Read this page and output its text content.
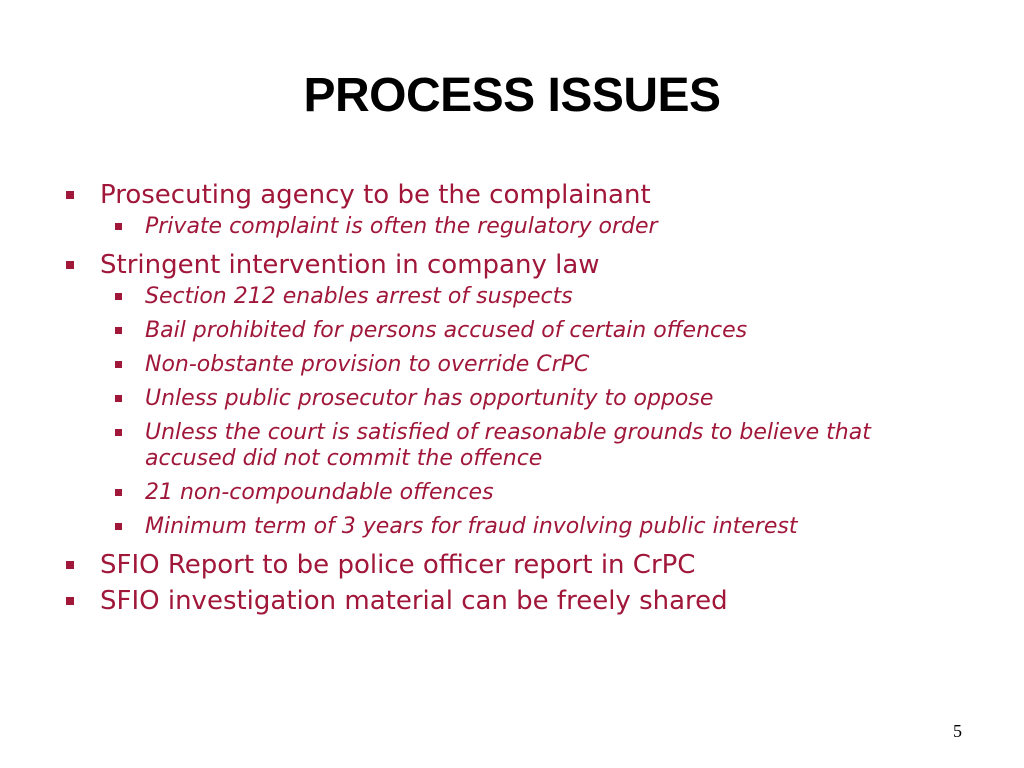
PROCESS ISSUES
Prosecuting agency to be the complainant
Private complaint is often the regulatory order
Stringent intervention in company law
Section 212 enables arrest of suspects
Bail prohibited for persons accused of certain offences
Non-obstante provision to override CrPC
Unless public prosecutor has opportunity to oppose
Unless the court is satisfied of reasonable grounds to believe that accused did not commit the offence
21 non-compoundable offences
Minimum term of 3 years for fraud involving public interest
SFIO Report to be police officer report in CrPC
SFIO investigation material can be freely shared
5
